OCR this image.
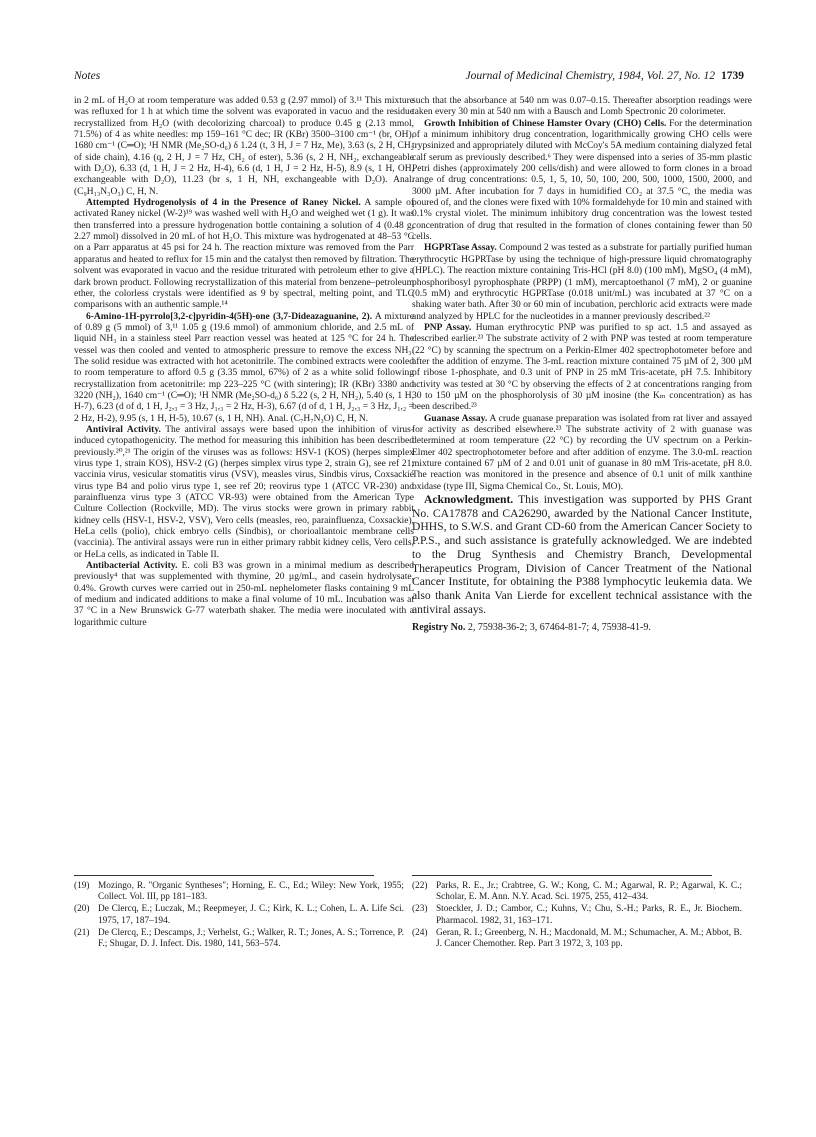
Notes	Journal of Medicinal Chemistry, 1984, Vol. 27, No. 12 1739

in 2 mL of H₂O at room temperature was added 0.53 g (2.97 mmol) of 3.¹¹ This mixture was refluxed for 1 h at which time the solvent was evaporated in vacuo and the residue recrystallized from H₂O (with decolorizing charcoal) to produce 0.45 g (2.13 mmol, 71.5%) of 4 as white needles: mp 159–161 °C dec; IR (KBr) 3500–3100 cm⁻¹ (br, OH), 1680 cm⁻¹ (C═O); ¹H NMR (Me₂SO-d₆) δ 1.24 (t, 3 H, J = 7 Hz, Me), 3.63 (s, 2 H, CH₂ of side chain), 4.16 (q, 2 H, J = 7 Hz, CH₂ of ester), 5.36 (s, 2 H, NH₂, exchangeable with D₂O), 6.33 (d, 1 H, J = 2 Hz, H-4), 6.6 (d, 1 H, J = 2 Hz, H-5), 8.9 (s, 1 H, OH, exchangeable with D₂O), 11.23 (br s, 1 H, NH, exchangeable with D₂O). Anal. (C₉H₁₃N₃O₃) C, H, N.

Attempted Hydrogenolysis of 4 in the Presence of Raney Nickel. A sample of activated Raney nickel (W-2)¹⁹ was washed well with H₂O and weighed wet (1 g). It was then transferred into a pressure hydrogenation bottle containing a solution of 4 (0.48 g, 2.27 mmol) dissolved in 20 mL of hot H₂O. This mixture was hydrogenated at 48–53 °C on a Parr apparatus at 45 psi for 24 h. The reaction mixture was removed from the Parr apparatus and heated to reflux for 15 min and the catalyst then removed by filtration. The solvent was evaporated in vacuo and the residue triturated with petroleum ether to give a dark brown product. Following recrystallization of this material from benzene–petroleum ether, the colorless crystals were identified as 9 by spectral, melting point, and TLC comparisons with an authentic sample.¹⁴

6-Amino-1H-pyrrolo[3,2-c]pyridin-4(5H)-one (3,7-Dideazaguanine, 2). A mixture of 0.89 g (5 mmol) of 3,¹¹ 1.05 g (19.6 mmol) of ammonium chloride, and 2.5 mL of liquid NH₃ in a stainless steel Parr reaction vessel was heated at 125 °C for 24 h. The vessel was then cooled and vented to atmospheric pressure to remove the excess NH₃. The solid residue was extracted with hot acetonitrile. The combined extracts were cooled to room temperature to afford 0.5 g (3.35 mmol, 67%) of 2 as a white solid following recrystallization from acetonitrile: mp 223–225 °C (with sintering); IR (KBr) 3380 and 3220 (NH₂), 1640 cm⁻¹ (C═O); ¹H NMR (Me₂SO-d₆) δ 5.22 (s, 2 H, NH₂), 5.40 (s, 1 H, H-7), 6.23 (d of d, 1 H, J₂,₃ = 3 Hz, J₁,₃ = 2 Hz, H-3), 6.67 (d of d, 1 H, J₂,₃ = 3 Hz, J₁,₂ = 2 Hz, H-2), 9.95 (s, 1 H, H-5), 10.67 (s, 1 H, NH). Anal. (C₇H₇N₃O) C, H, N.

Antiviral Activity. The antiviral assays were based upon the inhibition of virus-induced cytopathogenicity. The method for measuring this inhibition has been described previously.²⁰,²¹ The origin of the viruses was as follows: HSV-1 (KOS) (herpes simplex virus type 1, strain KOS), HSV-2 (G) (herpes simplex virus type 2, strain G), see ref 21; vaccinia virus, vesicular stomatitis virus (VSV), measles virus, Sindbis virus, Coxsackie virus type B4 and polio virus type 1, see ref 20; reovirus type 1 (ATCC VR-230) and parainfluenza virus type 3 (ATCC VR-93) were obtained from the American Type Culture Collection (Rockville, MD). The virus stocks were grown in primary rabbit kidney cells (HSV-1, HSV-2, VSV), Vero cells (measles, reo, parainfluenza, Coxsackie), HeLa cells (polio), chick embryo cells (Sindbis), or chorioallantoic membrane cells (vaccinia). The antiviral assays were run in either primary rabbit kidney cells, Vero cells, or HeLa cells, as indicated in Table II.

Antibacterial Activity. E. coli B3 was grown in a minimal medium as described previously⁴ that was supplemented with thymine, 20 µg/mL, and casein hydrolysate, 0.4%. Growth curves were carried out in 250-mL nephelometer flasks containing 9 mL of medium and indicated additions to make a final volume of 10 mL. Incubation was at 37 °C in a New Brunswick G-77 waterbath shaker. The media were inoculated with a logarithmic culture

such that the absorbance at 540 nm was 0.07–0.15. Thereafter absorption readings were taken every 30 min at 540 nm with a Bausch and Lomb Spectronic 20 colorimeter.

Growth Inhibition of Chinese Hamster Ovary (CHO) Cells. For the determination of a minimum inhibitory drug concentration, logarithmically growing CHO cells were trypsinized and appropriately diluted with McCoy's 5A medium containing dialyzed fetal calf serum as previously described.⁶ They were dispensed into a series of 35-mm plastic Petri dishes (approximately 200 cells/dish) and were allowed to form clones in a broad range of drug concentrations: 0.5, 1, 5, 10, 50, 100, 200, 500, 1000, 1500, 2000, and 3000 µM. After incubation for 7 days in humidified CO₂ at 37.5 °C, the media was poured of, and the clones were fixed with 10% formaldehyde for 10 min and stained with 0.1% crystal violet. The minimum inhibitory drug concentration was the lowest tested concentration of drug that resulted in the formation of clones containing fewer than 50 cells.

HGPRTase Assay. Compound 2 was tested as a substrate for partially purified human erythrocytic HGPRTase by using the technique of high-pressure liquid chromatography (HPLC). The reaction mixture containing Tris-HCl (pH 8.0) (100 mM), MgSO₄ (4 mM), phosphoribosyl pyrophosphate (PRPP) (1 mM), mercaptoethanol (7 mM), 2 or guanine (0.5 mM) and erythrocytic HGPRTase (0.018 unit/mL) was incubated at 37 °C on a shaking water bath. After 30 or 60 min of incubation, perchloric acid extracts were made and analyzed by HPLC for the nucleotides in a manner previously described.²²

PNP Assay. Human erythrocytic PNP was purified to sp act. 1.5 and assayed as described earlier.²³ The substrate activity of 2 with PNP was tested at room temperature (22 °C) by scanning the spectrum on a Perkin-Elmer 402 spectrophotometer before and after the addition of enzyme. The 3-mL reaction mixture contained 75 µM of 2, 300 µM of ribose 1-phosphate, and 0.3 unit of PNP in 25 mM Tris-acetate, pH 7.5. Inhibitory activity was tested at 30 °C by observing the effects of 2 at concentrations ranging from 30 to 150 µM on the phosphorolysis of 30 µM inosine (the Kₘ concentration) as has been described.²³

Guanase Assay. A crude guanase preparation was isolated from rat liver and assayed for activity as described elsewhere.²³ The substrate activity of 2 with guanase was determined at room temperature (22 °C) by recording the UV spectrum on a Perkin-Elmer 402 spectrophotometer before and after addition of enzyme. The 3.0-mL reaction mixture contained 67 µM of 2 and 0.01 unit of guanase in 80 mM Tris-acetate, pH 8.0. The reaction was monitored in the presence and absence of 0.1 unit of milk xanthine oxidase (type III, Sigma Chemical Co., St. Louis, MO).

Acknowledgment. This investigation was supported by PHS Grant No. CA17878 and CA26290, awarded by the National Cancer Institute, DHHS, to S.W.S. and Grant CD-60 from the American Cancer Society to P.P.S., and such assistance is gratefully acknowledged. We are indebted to the Drug Synthesis and Chemistry Branch, Developmental Therapeutics Program, Division of Cancer Treatment of the National Cancer Institute, for obtaining the P388 lymphocytic leukemia data. We also thank Anita Van Lierde for excellent technical assistance with the antiviral assays.

Registry No. 2, 75938-36-2; 3, 67464-81-7; 4, 75938-41-9.

(19) Mozingo, R. "Organic Syntheses"; Horning, E. C., Ed.; Wiley: New York, 1955; Collect. Vol. III, pp 181–183.
(20) De Clercq, E.; Luczak, M.; Reepmeyer, J. C.; Kirk, K. L.; Cohen, L. A. Life Sci. 1975, 17, 187–194.
(21) De Clercq, E.; Descamps, J.; Verhelst, G.; Walker, R. T.; Jones, A. S.; Torrence, P. F.; Shugar, D. J. Infect. Dis. 1980, 141, 563–574.
(22) Parks, R. E., Jr.; Crabtree, G. W.; Kong, C. M.; Agarwal, R. P.; Agarwal, K. C.; Scholar, E. M. Ann. N.Y. Acad. Sci. 1975, 255, 412–434.
(23) Stoeckler, J. D.; Cambor, C.; Kuhns, V.; Chu, S.-H.; Parks, R. E., Jr. Biochem. Pharmacol. 1982, 31, 163–171.
(24) Geran, R. I.; Greenberg, N. H.; Macdonald, M. M.; Schumacher, A. M.; Abbot, B. J. Cancer Chemother. Rep. Part 3 1972, 3, 103 pp.
